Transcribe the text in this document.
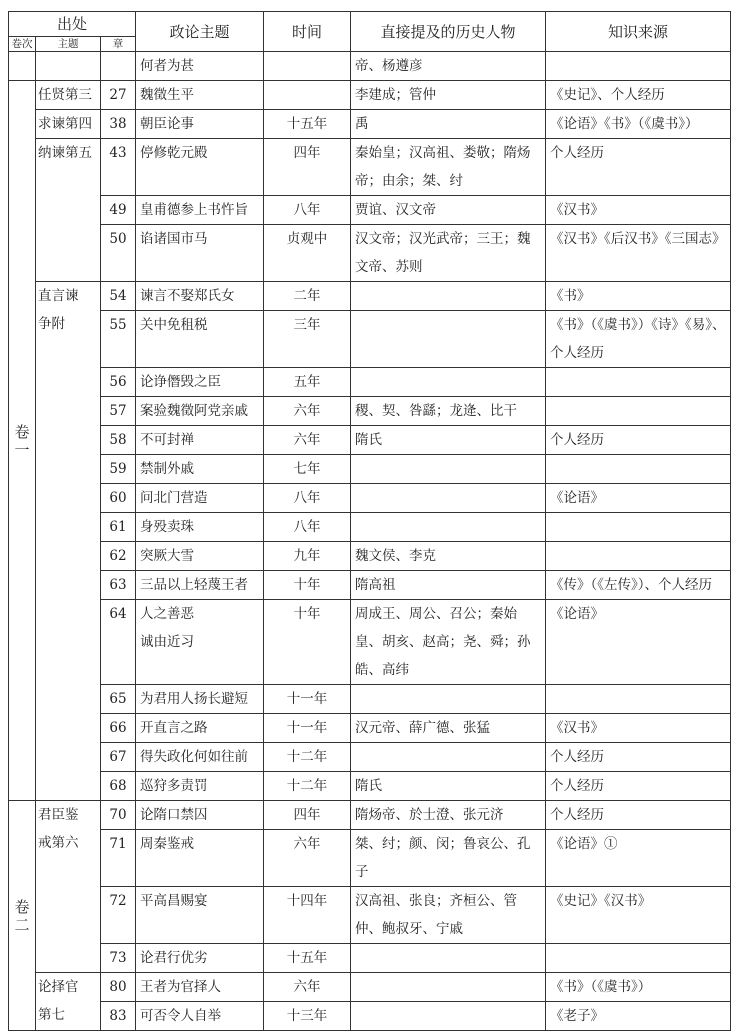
出处			政论主题	时间	直接提及的历史人物	知识来源
卷次	主题	章				
			何者为甚		帝、杨遵彦	

卷
一	任贤第三	27	魏徵生平		李建成；管仲	《史记》、个人经历

	求谏第四	38	朝臣论事	十五年	禹	《论语》《书》（《虞书》）

	纳谏第五	43	停修乾元殿	四年	秦始皇；汉高祖、娄敬；隋炀帝；由余；桀、纣	个人经历
		49	皇甫德参上书忤旨	八年	贾谊、汉文帝	《汉书》
		50	谄诸国市马	贞观中	汉文帝；汉光武帝；三王；魏文帝、苏则	《汉书》《后汉书》《三国志》

	直言谏
争附	54	谏言不娶郑氏女	二年		《书》
		55	关中免租税	三年		《书》（《虞书》）《诗》《易》、个人经历
		56	论诤僭毁之臣	五年		
		57	案验魏徵阿党亲戚	六年	稷、契、咎繇；龙逄、比干	
		58	不可封禅	六年	隋氏	个人经历
		59	禁制外戚	七年		
		60	问北门营造	八年		《论语》
		61	身殁卖珠	八年		
		62	突厥大雪	九年	魏文侯、李克	
		63	三品以上轻蔑王者	十年	隋高祖	《传》（《左传》）、个人经历
		64	人之善恶
诚由近习	十年	周成王、周公、召公；秦始皇、胡亥、赵高；尧、舜；孙皓、高纬	《论语》
		65	为君用人扬长避短	十一年		
		66	开直言之路	十一年	汉元帝、薛广德、张猛	《汉书》
		67	得失政化何如往前	十二年		个人经历
		68	巡狩多责罚	十二年	隋氏	个人经历

卷
二	君臣鉴
戒第六	70	论隋口禁囚	四年	隋炀帝、於士澄、张元济	个人经历
		71	周秦鉴戒	六年	桀、纣；颜、闵；鲁哀公、孔子	《论语》①
		72	平高昌赐宴	十四年	汉高祖、张良；齐桓公、管仲、鲍叔牙、宁戚	《史记》《汉书》
		73	论君行优劣	十五年		

	论择官
第七	80	王者为官择人	六年		《书》（《虞书》）
		83	可否令人自举	十三年		《老子》
